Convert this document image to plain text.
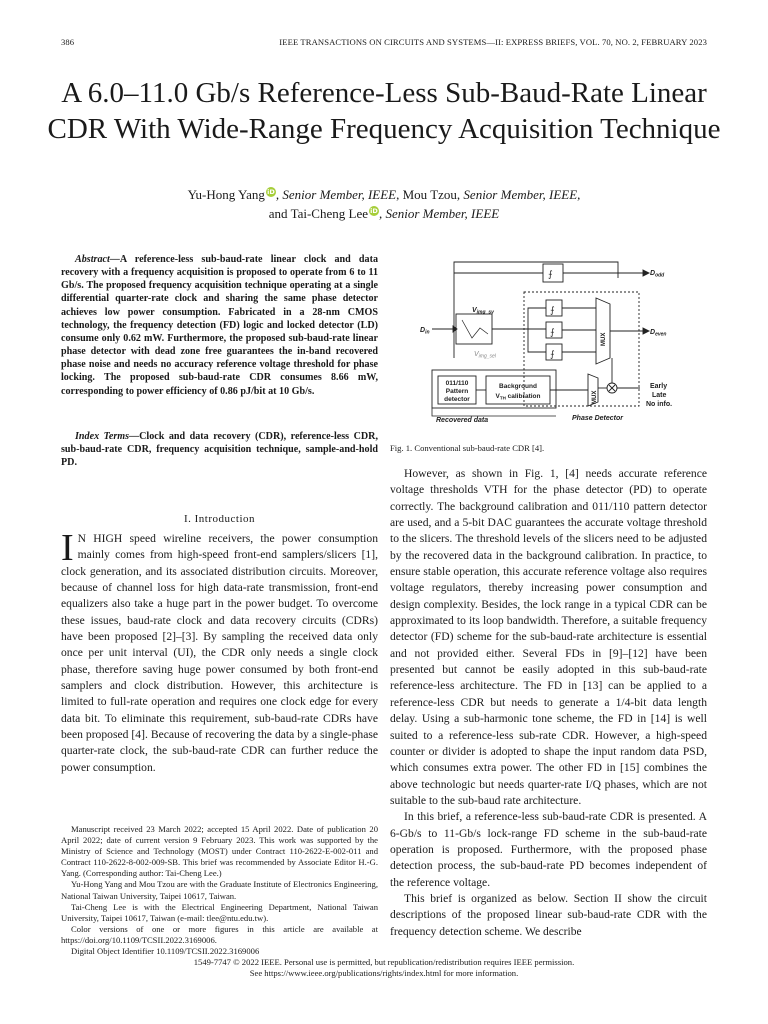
386	IEEE TRANSACTIONS ON CIRCUITS AND SYSTEMS—II: EXPRESS BRIEFS, VOL. 70, NO. 2, FEBRUARY 2023
A 6.0–11.0 Gb/s Reference-Less Sub-Baud-Rate Linear CDR With Wide-Range Frequency Acquisition Technique
Yu-Hong Yang iD, Senior Member, IEEE, Mou Tzou, Senior Member, IEEE,
and Tai-Cheng Lee iD, Senior Member, IEEE
Abstract—A reference-less sub-baud-rate linear clock and data recovery with a frequency acquisition is proposed to operate from 6 to 11 Gb/s. The proposed frequency acquisition technique operating at a single differential quarter-rate clock and sharing the same phase detector achieves low power consumption. Fabricated in a 28-nm CMOS technology, the frequency detection (FD) logic and locked detector (LD) consume only 0.62 mW. Furthermore, the proposed sub-baud-rate linear phase detector with dead zone free guarantees the in-band recovered phase noise and needs no accuracy reference voltage threshold for phase locking. The proposed sub-baud-rate CDR consumes 8.66 mW, corresponding to power efficiency of 0.86 pJ/bit at 10 Gb/s.
Index Terms—Clock and data recovery (CDR), reference-less CDR, sub-baud-rate CDR, frequency acquisition technique, sample-and-hold PD.
I. Introduction
I N HIGH speed wireline receivers, the power consumption mainly comes from high-speed front-end samplers/slicers [1], clock generation, and its associated distribution circuits. Moreover, because of channel loss for high data-rate transmission, front-end equalizers also take a huge part in the power budget. To overcome these issues, baud-rate clock and data recovery circuits (CDRs) have been proposed [2]–[3]. By sampling the received data only once per unit interval (UI), the CDR only needs a single clock phase, therefore saving huge power consumed by both front-end samplers and clock distribution. However, this architecture is limited to full-rate operation and requires one clock edge for every data bit. To eliminate this requirement, sub-baud-rate CDRs have been proposed [4]. Because of recovering the data by a single-phase quarter-rate clock, the sub-baud-rate CDR can further reduce the power consumption.

Manuscript received 23 March 2022; accepted 15 April 2022. Date of publication 20 April 2022; date of current version 9 February 2023. This work was supported by the Ministry of Science and Technology (MOST) under Contract 110-2622-E-002-011 and Contract 110-2622-8-002-009-SB. This brief was recommended by Associate Editor H.-G. Yang. (Corresponding author: Tai-Cheng Lee.)

Yu-Hong Yang and Mou Tzou are with the Graduate Institute of Electronics Engineering, National Taiwan University, Taipei 10617, Taiwan.

Tai-Cheng Lee is with the Electrical Engineering Department, National Taiwan University, Taipei 10617, Taiwan (e-mail: tlee@ntu.edu.tw).

Color versions of one or more figures in this article are available at https://doi.org/10.1109/TCSII.2022.3169006.

Digital Object Identifier 10.1109/TCSII.2022.3169006

⨍
⨍
⨍
⨍
$D_{odd}$
$D_{even}$
$D_{in}$
$V_{img\_sv}$
$V_{img\_sel}$
MUX
MUX
011/110
Pattern
detector
Background
$V_{TH}$ calibration
Recovered data	Phase Detector
Early
Late
No info.
Fig. 1. Conventional sub-baud-rate CDR [4].

However, as shown in Fig. 1, [4] needs accurate reference voltage thresholds VTH for the phase detector (PD) to operate correctly. The background calibration and 011/110 pattern detector are used, and a 5-bit DAC guarantees the accurate voltage threshold to the slicers. The threshold levels of the slicers need to be adjusted by the recovered data in the background calibration. In practice, to ensure stable operation, this accurate reference voltage also requires voltage regulators, thereby increasing power consumption and design complexity. Besides, the lock range in a typical CDR can be approximated to its loop bandwidth. Therefore, a suitable frequency detector (FD) scheme for the sub-baud-rate architecture is essential and not provided either. Several FDs in [9]–[12] have been presented but cannot be easily adopted in this sub-baud-rate reference-less architecture. The FD in [13] can be applied to a reference-less CDR but needs to generate a 1/4-bit data length delay. Using a sub-harmonic tone scheme, the FD in [14] is well suited to a reference-less sub-rate CDR. However, a high-speed counter or divider is adopted to shape the input random data PSD, which consumes extra power. The other FD in [15] combines the above technologic but needs quarter-rate I/Q phases, which are not suitable to the sub-baud rate architecture.

In this brief, a reference-less sub-baud-rate CDR is presented. A 6-Gb/s to 11-Gb/s lock-range FD scheme in the sub-baud-rate operation is proposed. Furthermore, with the proposed phase detection process, the sub-baud-rate PD becomes independent of the reference voltage.

This brief is organized as below. Section II show the circuit descriptions of the proposed linear sub-baud-rate CDR with the frequency detection scheme. We describe

1549-7747 © 2022 IEEE. Personal use is permitted, but republication/redistribution requires IEEE permission.
See https://www.ieee.org/publications/rights/index.html for more information.
